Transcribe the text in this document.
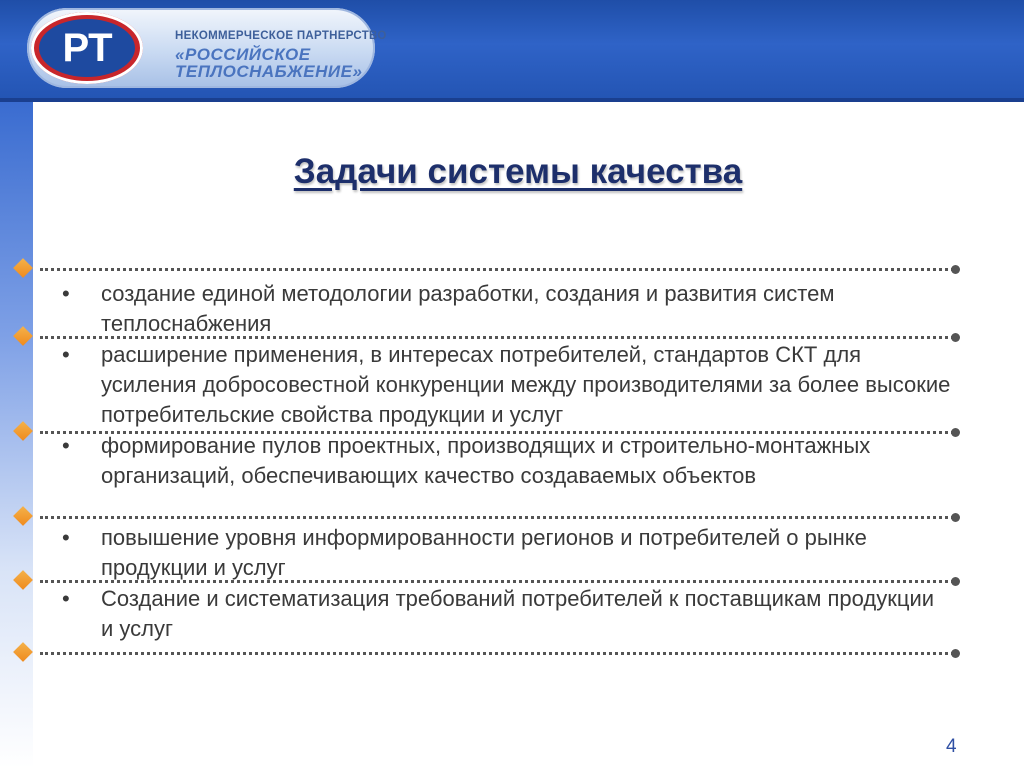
НЕКОММЕРЧЕСКОЕ ПАРТНЕРСТВО
«РОССИЙСКОЕ
ТЕПЛОСНАБЖЕНИЕ»
PT
Задачи системы качества
•	создание единой методологии разработки, создания и развития систем теплоснабжения
•	расширение применения, в интересах потребителей, стандартов СКТ для усиления добросовестной конкуренции между производителями за более высокие потребительские свойства продукции и услуг
•	формирование пулов проектных, производящих и строительно-монтажных организаций, обеспечивающих качество создаваемых объектов
•	повышение уровня информированности регионов и потребителей о рынке продукции и услуг
•	Создание и систематизация требований потребителей к поставщикам продукции и услуг
4
